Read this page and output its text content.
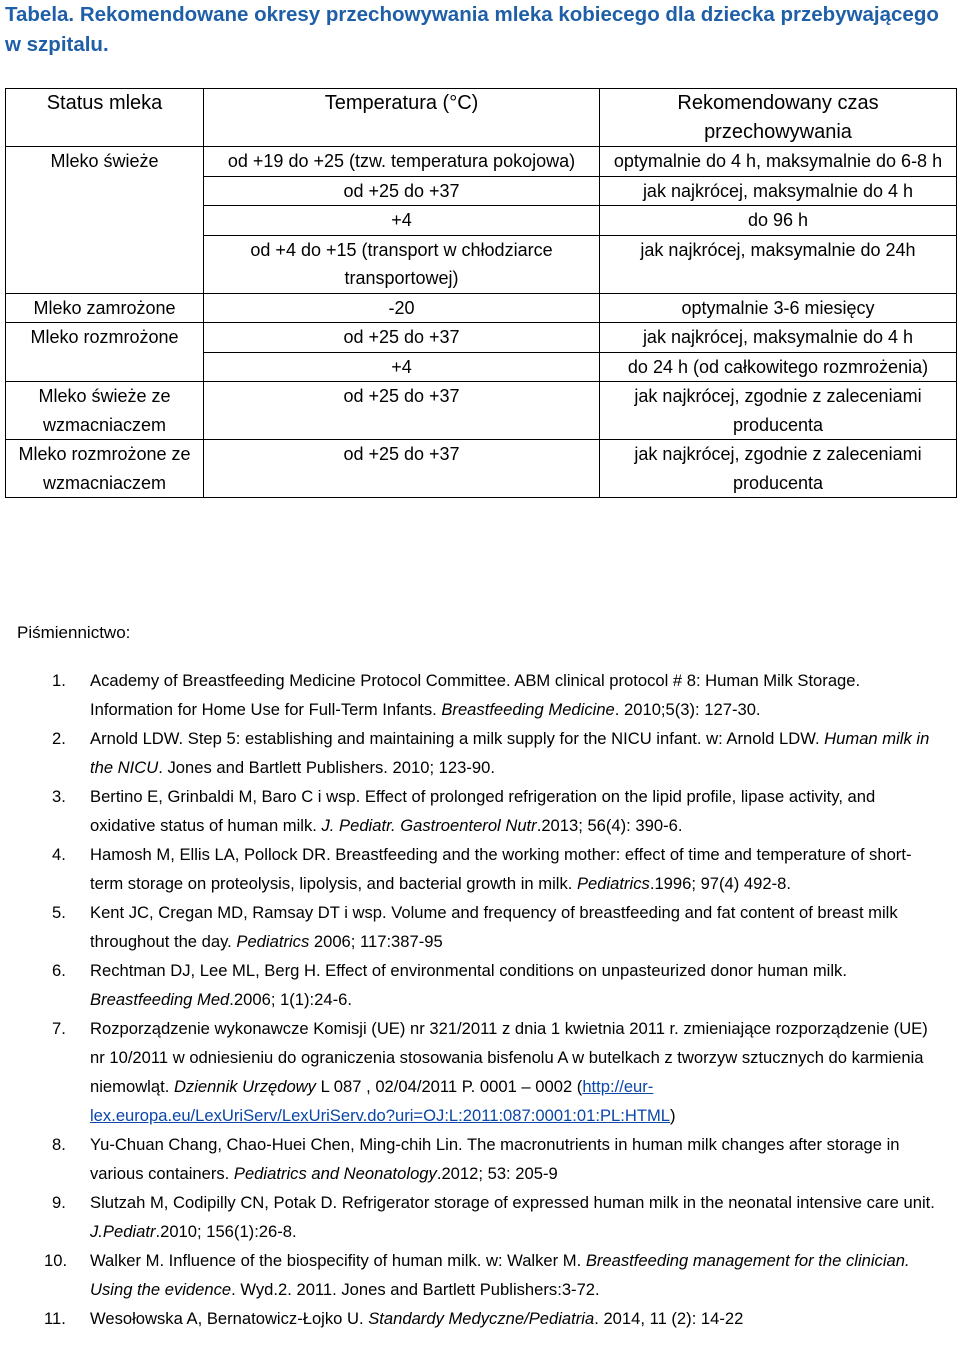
Tabela. Rekomendowane okresy przechowywania mleka kobiecego dla dziecka przebywającego w szpitalu.
Status mleka	Temperatura (°C)	Rekomendowany czas przechowywania
Mleko świeże	od +19 do +25 (tzw. temperatura pokojowa)	optymalnie do 4 h, maksymalnie do 6-8 h
	od +25 do +37	jak najkrócej, maksymalnie do 4 h
	+4	do 96 h
	od +4 do +15 (transport w chłodziarce transportowej)	jak najkrócej, maksymalnie do 24h
Mleko zamrożone	-20	optymalnie 3-6 miesięcy
Mleko rozmrożone	od +25 do +37	jak najkrócej, maksymalnie do 4 h
	+4	do 24 h (od całkowitego rozmrożenia)
Mleko świeże ze wzmacniaczem	od +25 do +37	jak najkrócej, zgodnie z zaleceniami producenta
Mleko rozmrożone ze wzmacniaczem	od +25 do +37	jak najkrócej, zgodnie z zaleceniami producenta
Piśmiennictwo:
1.	Academy of Breastfeeding Medicine Protocol Committee. ABM clinical protocol # 8: Human Milk Storage. Information for Home Use for Full-Term Infants. Breastfeeding Medicine. 2010;5(3): 127-30.
2.	Arnold LDW. Step 5: establishing and maintaining a milk supply for the NICU infant. w: Arnold LDW. Human milk in the NICU. Jones and Bartlett Publishers. 2010; 123-90.
3.	Bertino E, Grinbaldi M, Baro C i wsp. Effect of prolonged refrigeration on the lipid profile, lipase activity, and oxidative status of human milk. J. Pediatr. Gastroenterol Nutr.2013; 56(4): 390-6.
4.	Hamosh M, Ellis LA, Pollock DR. Breastfeeding and the working mother: effect of time and temperature of short-term storage on proteolysis, lipolysis, and bacterial growth in milk. Pediatrics.1996; 97(4) 492-8.
5.	Kent JC, Cregan MD, Ramsay DT i wsp. Volume and frequency of breastfeeding and fat content of breast milk throughout the day. Pediatrics 2006; 117:387-95
6.	Rechtman DJ, Lee ML, Berg H. Effect of environmental conditions on unpasteurized donor human milk. Breastfeeding Med.2006; 1(1):24-6.
7.	Rozporządzenie wykonawcze Komisji (UE) nr 321/2011 z dnia 1 kwietnia 2011 r. zmieniające rozporządzenie (UE) nr 10/2011 w odniesieniu do ograniczenia stosowania bisfenolu A w butelkach z tworzyw sztucznych do karmienia niemowląt. Dziennik Urzędowy L 087 , 02/04/2011 P. 0001 – 0002 (http://eur-lex.europa.eu/LexUriServ/LexUriServ.do?uri=OJ:L:2011:087:0001:01:PL:HTML)
8.	Yu-Chuan Chang, Chao-Huei Chen, Ming-chih Lin. The macronutrients in human milk changes after storage in various containers. Pediatrics and Neonatology.2012; 53: 205-9
9.	Slutzah M, Codipilly CN, Potak D. Refrigerator storage of expressed human milk in the neonatal intensive care unit. J.Pediatr.2010; 156(1):26-8.
10.	Walker M. Influence of the biospecifity of human milk. w: Walker M. Breastfeeding management for the clinician. Using the evidence. Wyd.2. 2011. Jones and Bartlett Publishers:3-72.
11.	Wesołowska A, Bernatowicz-Łojko U. Standardy Medyczne/Pediatria. 2014, 11 (2): 14-22
